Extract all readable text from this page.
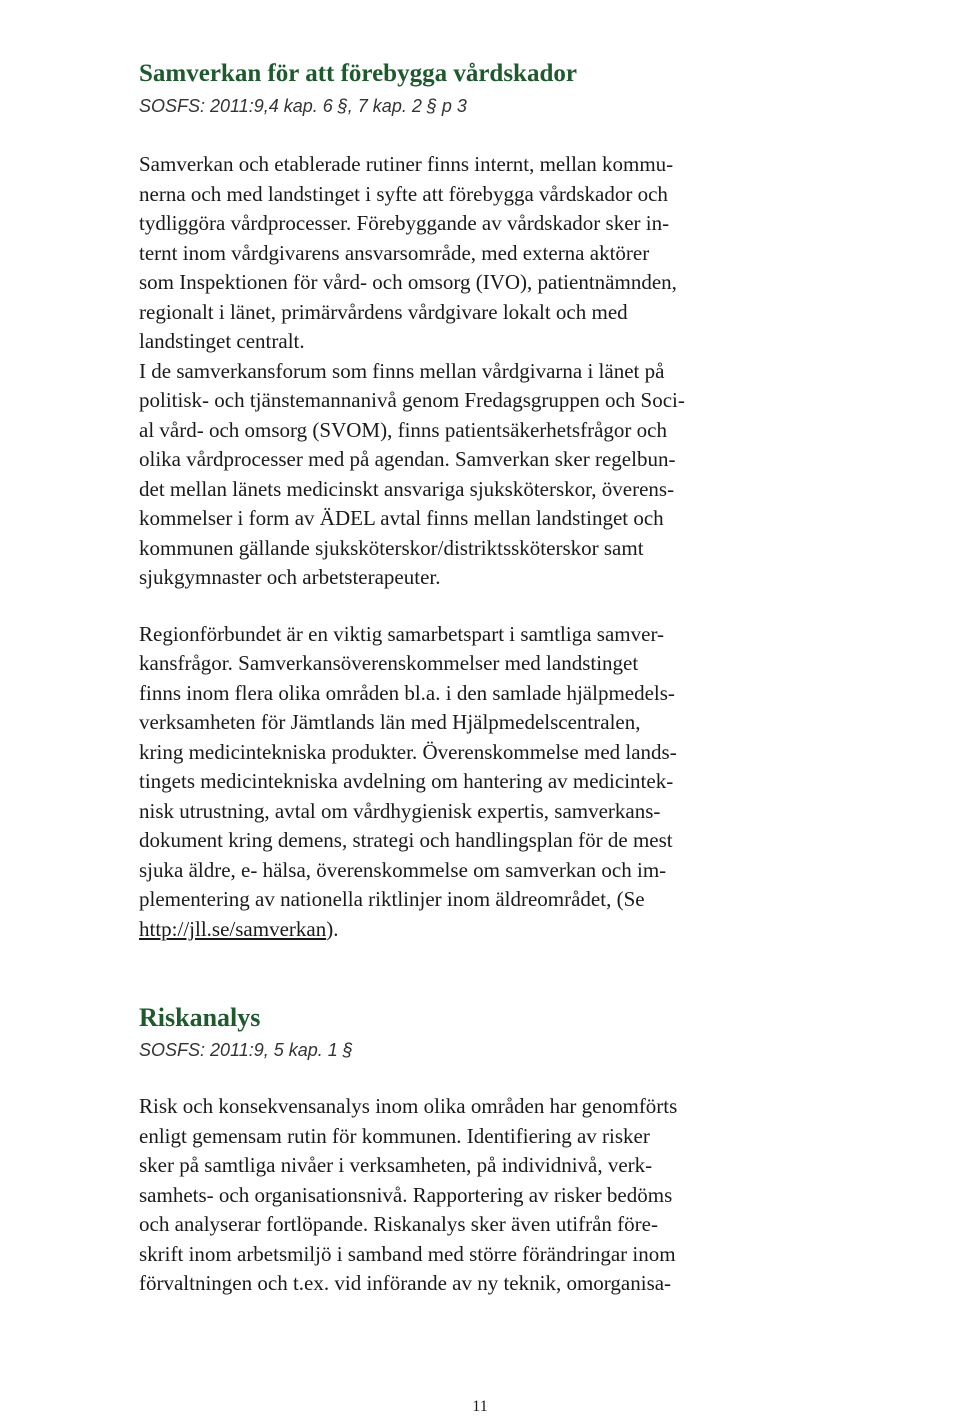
Samverkan för att förebygga vårdskador

SOSFS: 2011:9,4 kap. 6 §, 7 kap. 2 § p 3

Samverkan och etablerade rutiner finns internt, mellan kommu-
nerna och med landstinget i syfte att förebygga vårdskador och
tydliggöra vårdprocesser. Förebyggande av vårdskador sker in-
ternt inom vårdgivarens ansvarsområde, med externa aktörer
som Inspektionen för vård- och omsorg (IVO), patientnämnden,
regionalt i länet, primärvårdens vårdgivare lokalt och med
landstinget centralt.
I de samverkansforum som finns mellan vårdgivarna i länet på
politisk- och tjänstemannanivå genom Fredagsgruppen och Soci-
al vård- och omsorg (SVOM), finns patientsäkerhetsfrågor och
olika vårdprocesser med på agendan. Samverkan sker regelbun-
det mellan länets medicinskt ansvariga sjuksköterskor, överens-
kommelser i form av ÄDEL avtal finns mellan landstinget och
kommunen gällande sjuksköterskor/distriktssköterskor samt
sjukgymnaster och arbetsterapeuter.

Regionförbundet är en viktig samarbetspart i samtliga samver-
kansfrågor. Samverkansöverenskommelser med landstinget
finns inom flera olika områden bl.a. i den samlade hjälpmedels-
verksamheten för Jämtlands län med Hjälpmedelscentralen,
kring medicintekniska produkter. Överenskommelse med lands-
tingets medicintekniska avdelning om hantering av medicintek-
nisk utrustning, avtal om vårdhygienisk expertis, samverkans-
dokument kring demens, strategi och handlingsplan för de mest
sjuka äldre, e- hälsa, överenskommelse om samverkan och im-
plementering av nationella riktlinjer inom äldreområdet, (Se
http://jll.se/samverkan).

Riskanalys

SOSFS: 2011:9, 5 kap. 1 §

Risk och konsekvensanalys inom olika områden har genomförts
enligt gemensam rutin för kommunen. Identifiering av risker
sker på samtliga nivåer i verksamheten, på individnivå, verk-
samhets- och organisationsnivå. Rapportering av risker bedöms
och analyserar fortlöpande. Riskanalys sker även utifrån före-
skrift inom arbetsmiljö i samband med större förändringar inom
förvaltningen och t.ex. vid införande av ny teknik, omorganisa-

11
